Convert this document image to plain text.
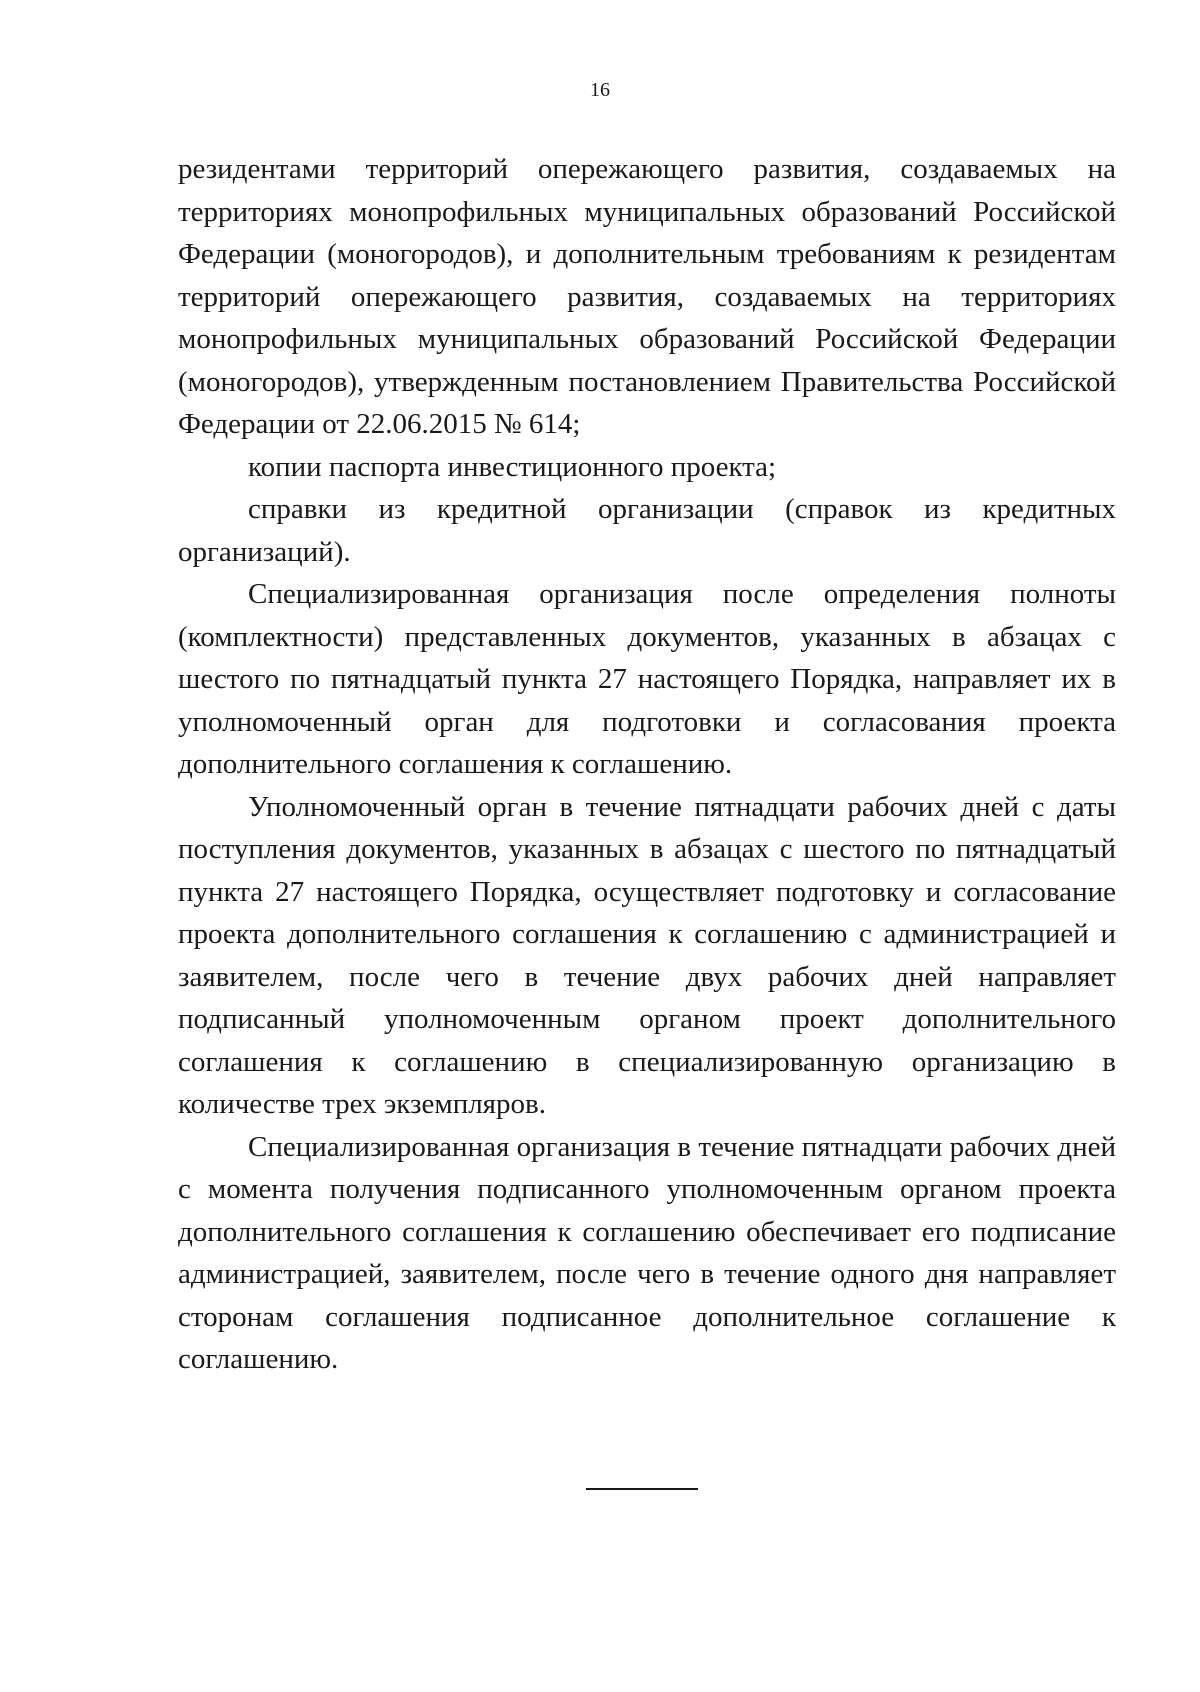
16

резидентами территорий опережающего развития, создаваемых на территориях монопрофильных муниципальных образований Российской Федерации (моногородов), и дополнительным требованиям к резидентам территорий опережающего развития, создаваемых на территориях монопрофильных муниципальных образований Российской Федерации (моногородов), утвержденным постановлением Правительства Российской Федерации от 22.06.2015 № 614;

копии паспорта инвестиционного проекта;

справки из кредитной организации (справок из кредитных организаций).

Специализированная организация после определения полноты (комплектности) представленных документов, указанных в абзацах с шестого по пятнадцатый пункта 27 настоящего Порядка, направляет их в уполномоченный орган для подготовки и согласования проекта дополнительного соглашения к соглашению.

Уполномоченный орган в течение пятнадцати рабочих дней с даты поступления документов, указанных в абзацах с шестого по пятнадцатый пункта 27 настоящего Порядка, осуществляет подготовку и согласование проекта дополнительного соглашения к соглашению с администрацией и заявителем, после чего в течение двух рабочих дней направляет подписанный уполномоченным органом проект дополнительного соглашения к соглашению в специализированную организацию в количестве трех экземпляров.

Специализированная организация в течение пятнадцати рабочих дней с момента получения подписанного уполномоченным органом проекта дополнительного соглашения к соглашению обеспечивает его подписание администрацией, заявителем, после чего в течение одного дня направляет сторонам соглашения подписанное дополнительное соглашение к соглашению.
